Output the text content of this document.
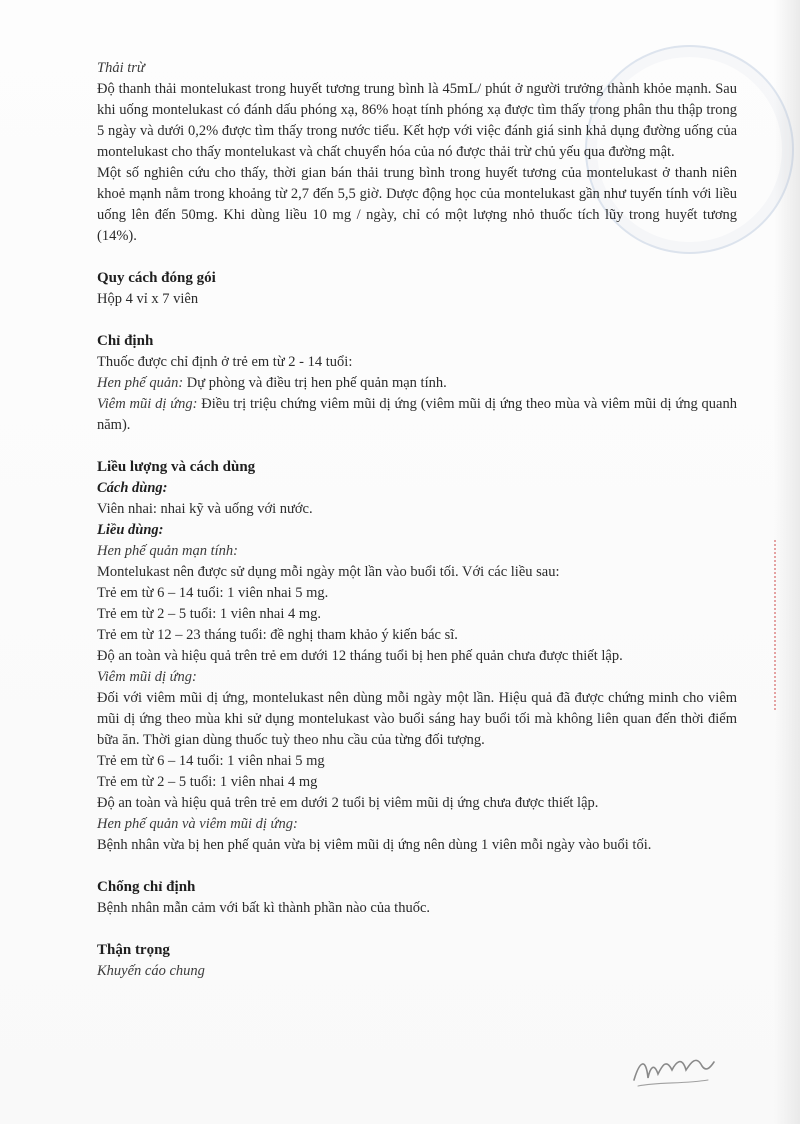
Thải trừ

Độ thanh thải montelukast trong huyết tương trung bình là 45mL/ phút ở người trưởng thành khỏe mạnh. Sau khi uống montelukast có đánh dấu phóng xạ, 86% hoạt tính phóng xạ được tìm thấy trong phân thu thập trong 5 ngày và dưới 0,2% được tìm thấy trong nước tiểu. Kết hợp với việc đánh giá sinh khả dụng đường uống của montelukast cho thấy montelukast và chất chuyển hóa của nó được thải trừ chủ yếu qua đường mật.

Một số nghiên cứu cho thấy, thời gian bán thải trung bình trong huyết tương của montelukast ở thanh niên khoẻ mạnh nằm trong khoảng từ 2,7 đến 5,5 giờ. Dược động học của montelukast gần như tuyến tính với liều uống lên đến 50mg. Khi dùng liều 10 mg / ngày, chỉ có một lượng nhỏ thuốc tích lũy trong huyết tương (14%).

Quy cách đóng gói

Hộp 4 vỉ x 7 viên

Chỉ định

Thuốc được chỉ định ở trẻ em từ 2 - 14 tuổi:

Hen phế quản: Dự phòng và điều trị hen phế quản mạn tính.

Viêm mũi dị ứng: Điều trị triệu chứng viêm mũi dị ứng (viêm mũi dị ứng theo mùa và viêm mũi dị ứng quanh năm).

Liều lượng và cách dùng

Cách dùng:

Viên nhai: nhai kỹ và uống với nước.

Liều dùng:

Hen phế quản mạn tính:

Montelukast nên được sử dụng mỗi ngày một lần vào buổi tối. Với các liều sau:

Trẻ em từ 6 – 14 tuổi: 1 viên nhai 5 mg.

Trẻ em từ 2 – 5 tuổi: 1 viên nhai 4 mg.

Trẻ em từ 12 – 23 tháng tuổi: đề nghị tham khảo ý kiến bác sĩ.

Độ an toàn và hiệu quả trên trẻ em dưới 12 tháng tuổi bị hen phế quản chưa được thiết lập.

Viêm mũi dị ứng:

Đối với viêm mũi dị ứng, montelukast nên dùng mỗi ngày một lần. Hiệu quả đã được chứng minh cho viêm mũi dị ứng theo mùa khi sử dụng montelukast vào buổi sáng hay buổi tối mà không liên quan đến thời điểm bữa ăn. Thời gian dùng thuốc tuỳ theo nhu cầu của từng đối tượng.

Trẻ em từ 6 – 14 tuổi: 1 viên nhai 5 mg

Trẻ em từ 2 – 5 tuổi: 1 viên nhai 4 mg

Độ an toàn và hiệu quả trên trẻ em dưới 2 tuổi bị viêm mũi dị ứng chưa được thiết lập.

Hen phế quản và viêm mũi dị ứng:

Bệnh nhân vừa bị hen phế quản vừa bị viêm mũi dị ứng nên dùng 1 viên mỗi ngày vào buổi tối.

Chống chỉ định

Bệnh nhân mẫn cảm với bất kì thành phần nào của thuốc.

Thận trọng

Khuyến cáo chung
